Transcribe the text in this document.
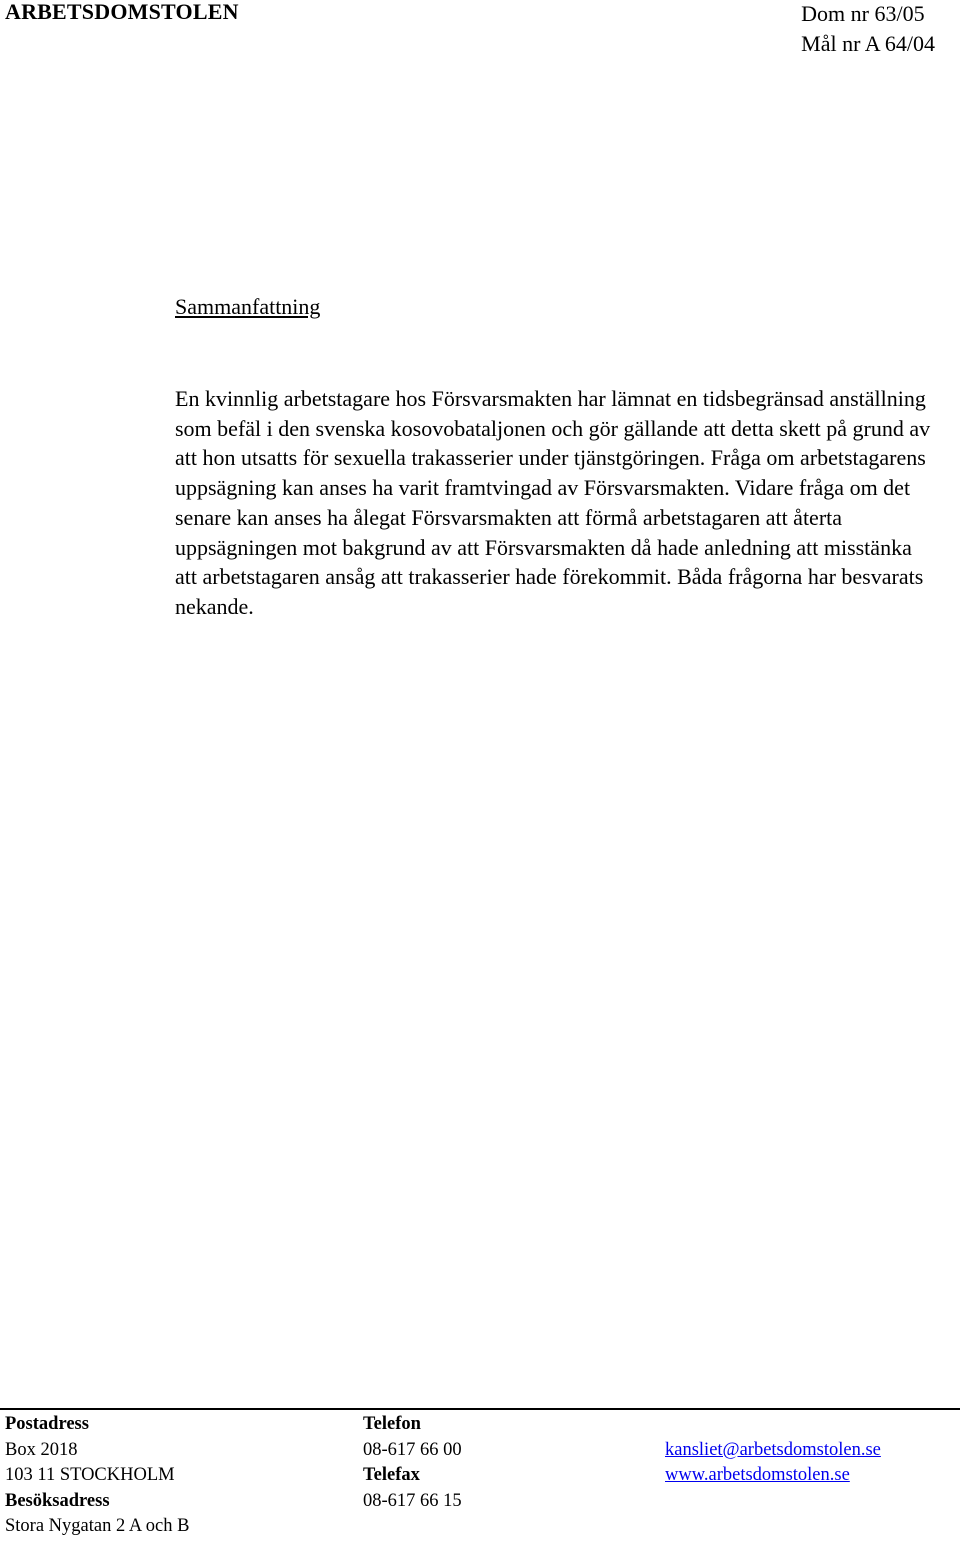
ARBETSDOMSTOLEN	Dom nr 63/05
Mål nr A 64/04
Sammanfattning

En kvinnlig arbetstagare hos Försvarsmakten har lämnat en tidsbegränsad anställning som befäl i den svenska kosovobataljonen och gör gällande att detta skett på grund av att hon utsatts för sexuella trakasserier under tjänstgöringen. Fråga om arbetstagarens uppsägning kan anses ha varit framtvingad av Försvarsmakten. Vidare fråga om det senare kan anses ha ålegat Försvarsmakten att förmå arbetstagaren att återta uppsägningen mot bakgrund av att Försvarsmakten då hade anledning att misstänka att arbetstagaren ansåg att trakasserier hade förekommit. Båda frågorna har besvarats nekande.

Postadress	Telefon
Box 2018	08-617 66 00	kansliet@arbetsdomstolen.se
103 11 STOCKHOLM	Telefax	www.arbetsdomstolen.se
Besöksadress	08-617 66 15
Stora Nygatan 2 A och B
